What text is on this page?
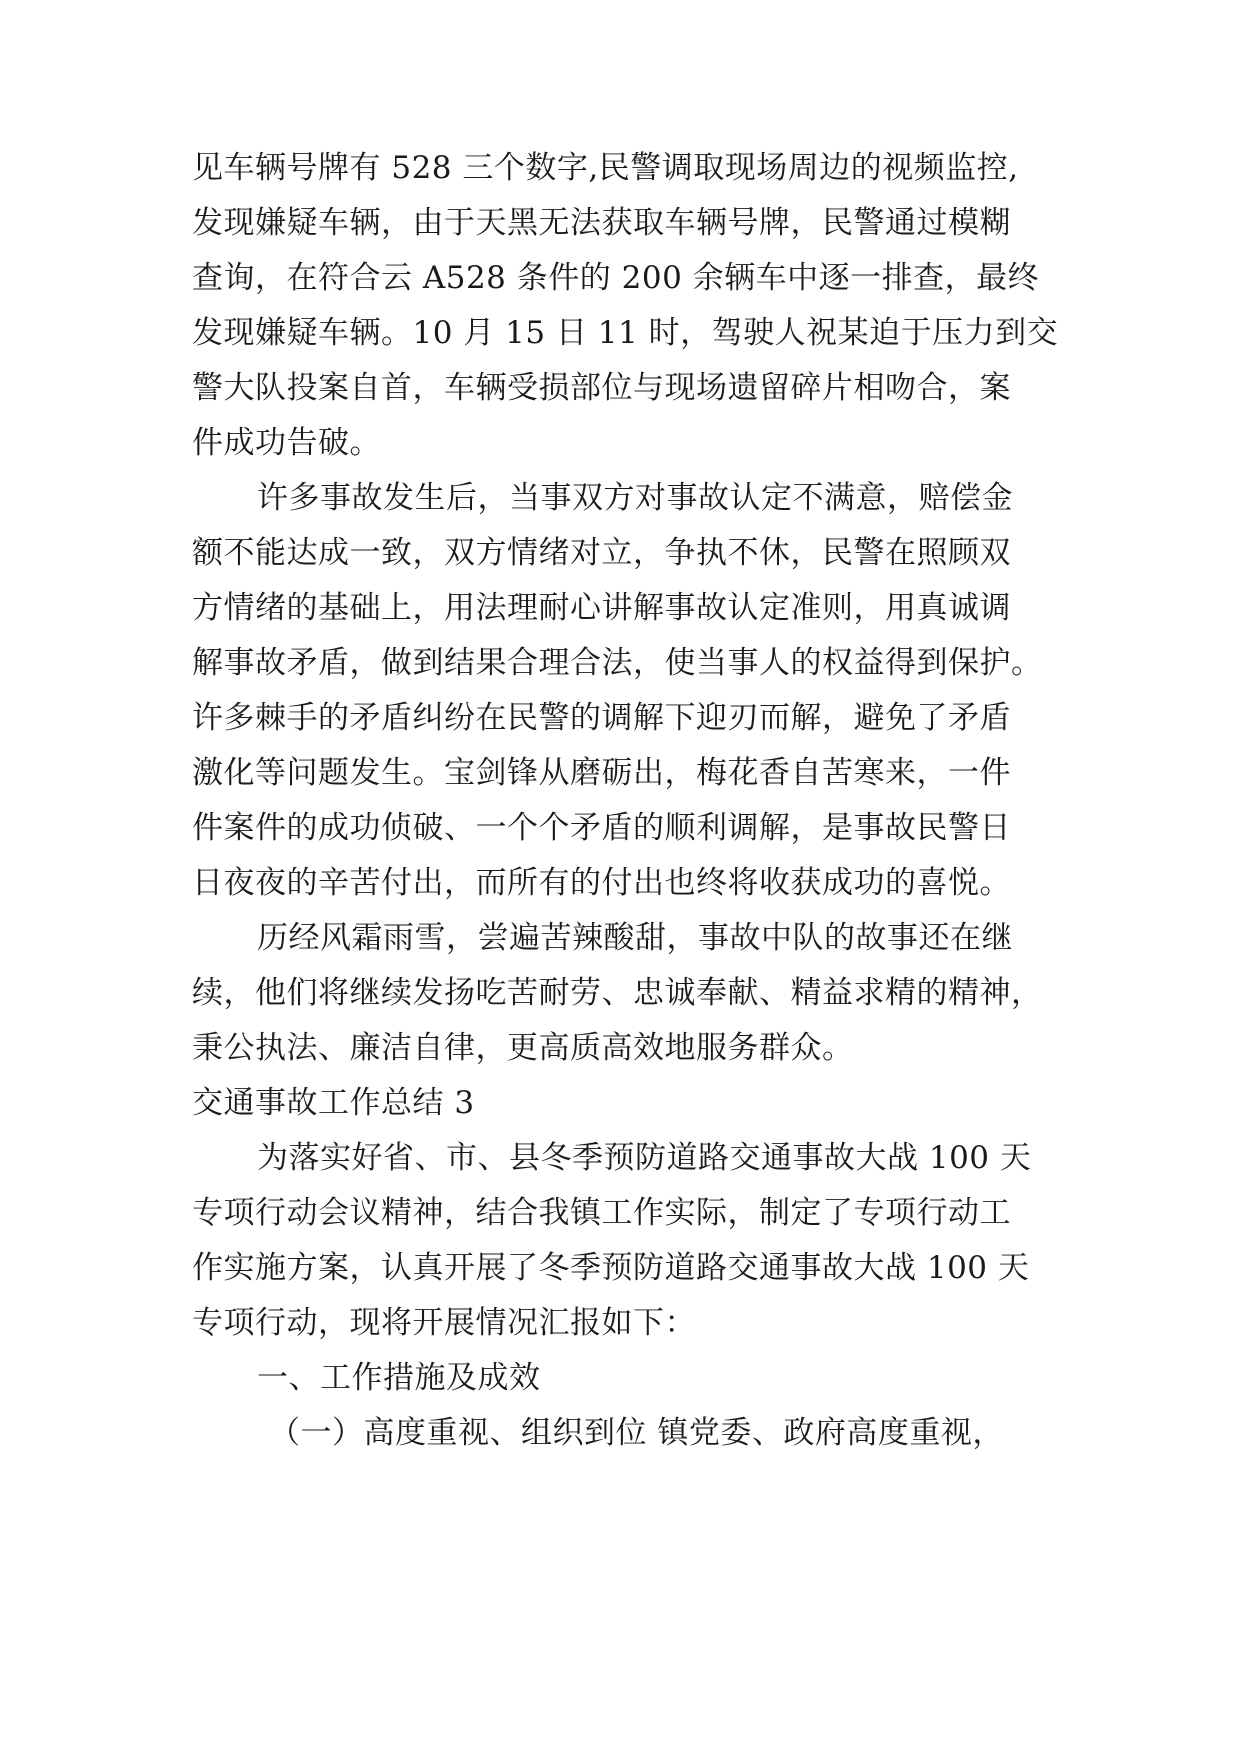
见车辆号牌有 528 三个数字,民警调取现场周边的视频监控,
发现嫌疑车辆，由于天黑无法获取车辆号牌，民警通过模糊
查询，在符合云 A528 条件的 200 余辆车中逐一排查，最终
发现嫌疑车辆。10 月 15 日 11 时，驾驶人祝某迫于压力到交
警大队投案自首，车辆受损部位与现场遗留碎片相吻合，案
件成功告破。
许多事故发生后，当事双方对事故认定不满意，赔偿金
额不能达成一致，双方情绪对立，争执不休，民警在照顾双
方情绪的基础上，用法理耐心讲解事故认定准则，用真诚调
解事故矛盾，做到结果合理合法，使当事人的权益得到保护。
许多棘手的矛盾纠纷在民警的调解下迎刃而解，避免了矛盾
激化等问题发生。宝剑锋从磨砺出，梅花香自苦寒来，一件
件案件的成功侦破、一个个矛盾的顺利调解，是事故民警日
日夜夜的辛苦付出，而所有的付出也终将收获成功的喜悦。
历经风霜雨雪，尝遍苦辣酸甜，事故中队的故事还在继
续，他们将继续发扬吃苦耐劳、忠诚奉献、精益求精的精神，
秉公执法、廉洁自律，更高质高效地服务群众。
交通事故工作总结 3
为落实好省、市、县冬季预防道路交通事故大战 100 天
专项行动会议精神，结合我镇工作实际，制定了专项行动工
作实施方案，认真开展了冬季预防道路交通事故大战 100 天
专项行动，现将开展情况汇报如下：
一、工作措施及成效
（一）高度重视、组织到位 镇党委、政府高度重视，
